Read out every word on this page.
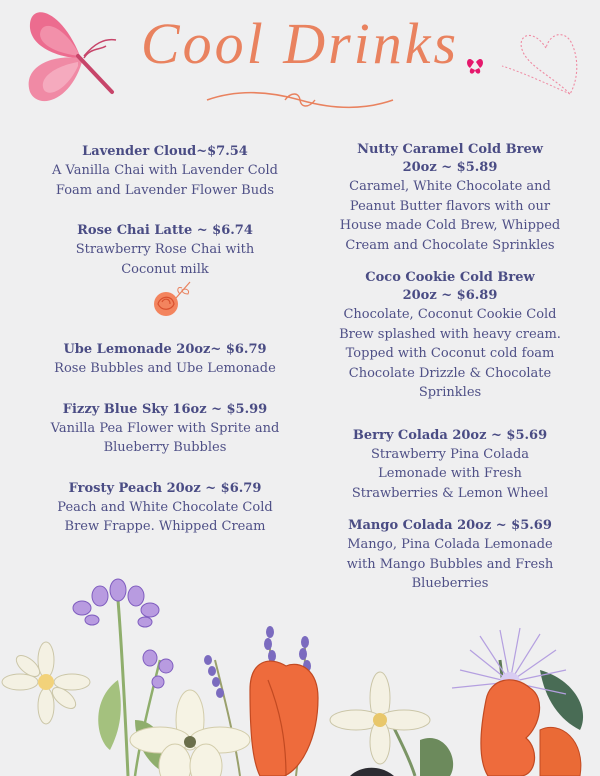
Cool Drinks
Lavender Cloud~$7.54
A Vanilla Chai with Lavender Cold
Foam and Lavender Flower Buds
Rose Chai Latte ~ $6.74
Strawberry Rose Chai with
Coconut milk
Ube Lemonade 20oz~ $6.79
Rose Bubbles and Ube Lemonade
Fizzy Blue Sky 16oz ~ $5.99
Vanilla Pea Flower with Sprite and
Blueberry Bubbles
Frosty Peach 20oz ~ $6.79
Peach and White Chocolate Cold
Brew Frappe. Whipped Cream
Nutty Caramel Cold Brew
20oz ~ $5.89
Caramel, White Chocolate and
Peanut Butter flavors with our
House made Cold Brew, Whipped
Cream and Chocolate Sprinkles
Coco Cookie Cold Brew
20oz ~ $6.89
Chocolate, Coconut Cookie Cold
Brew splashed with heavy cream.
Topped with Coconut cold foam
Chocolate Drizzle & Chocolate
Sprinkles
Berry Colada 20oz ~ $5.69
Strawberry Pina Colada
Lemonade with Fresh
Strawberries & Lemon Wheel
Mango Colada 20oz ~ $5.69
Mango, Pina Colada Lemonade
with Mango Bubbles and Fresh
Blueberries
